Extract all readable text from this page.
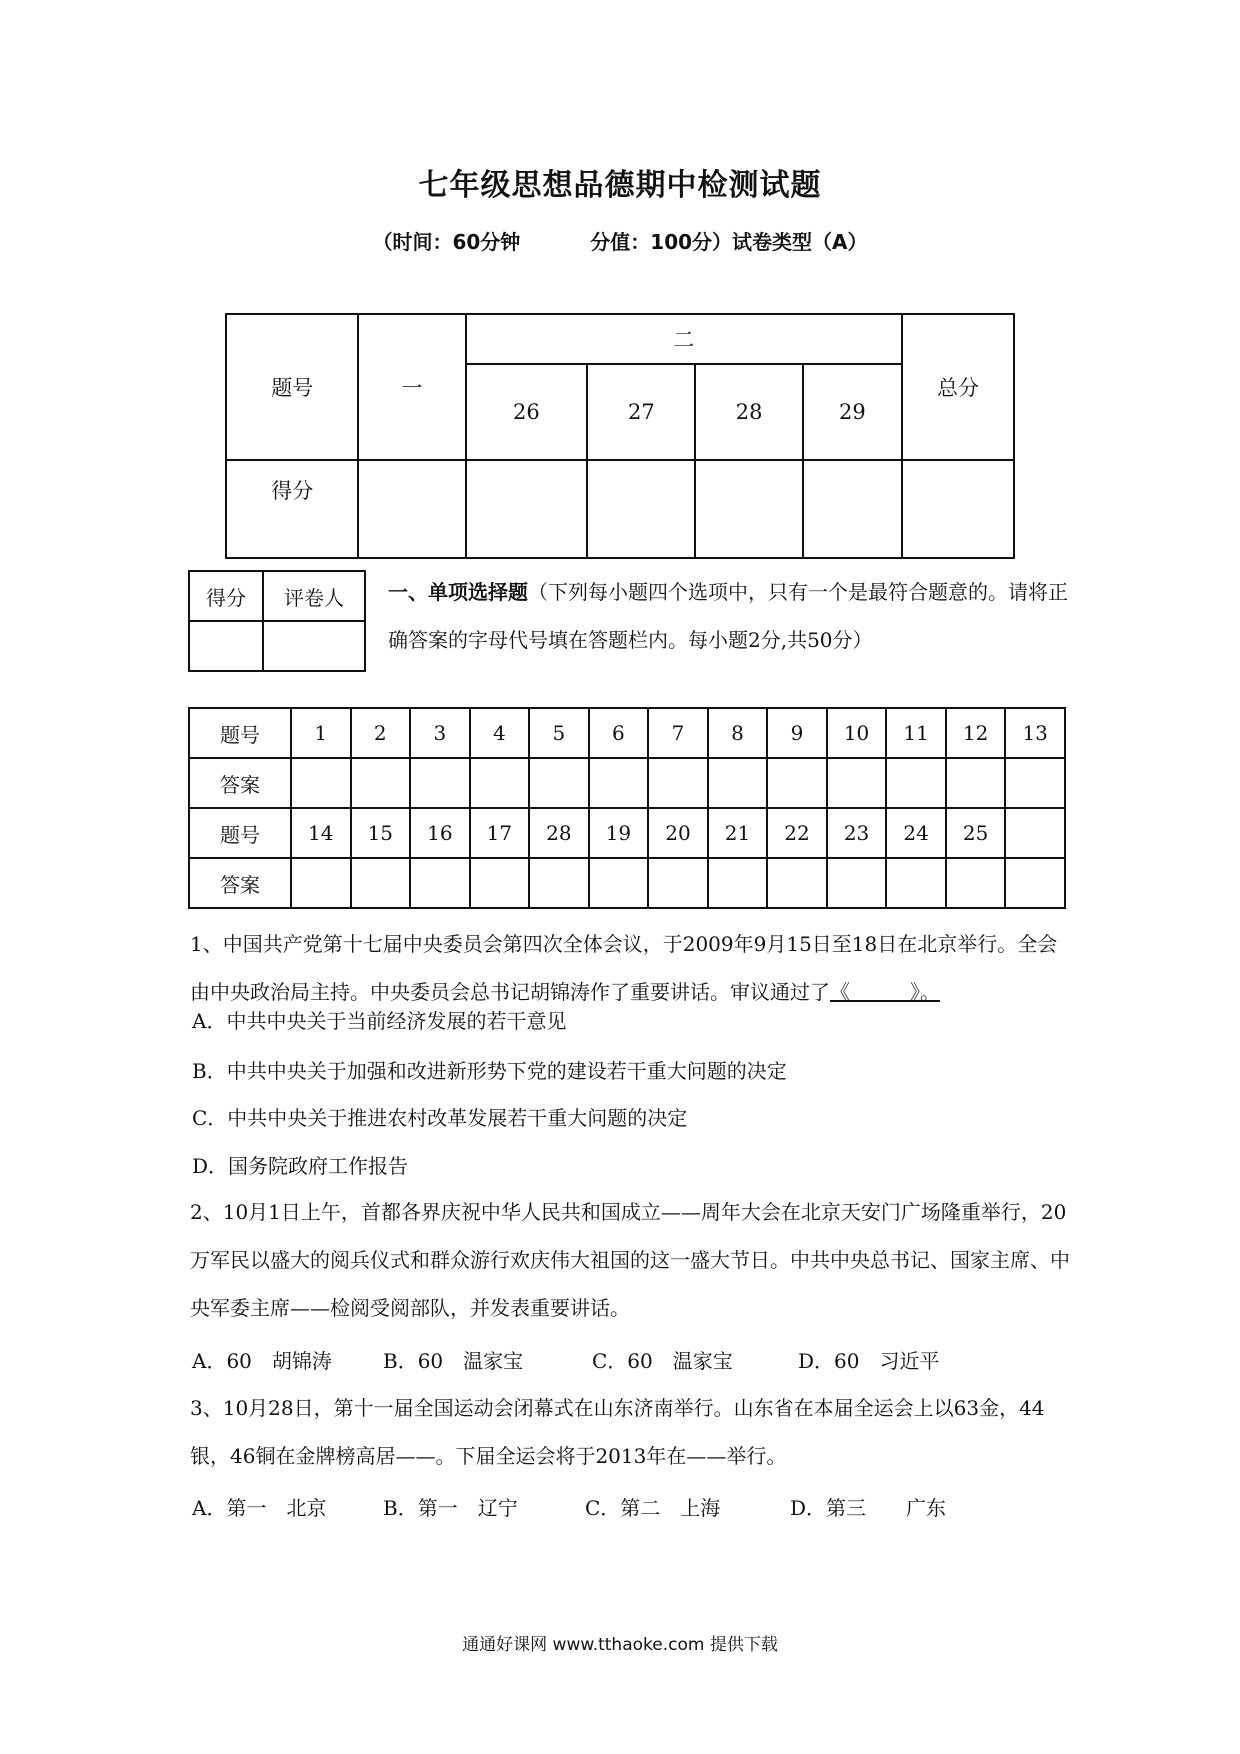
七年级思想品德期中检测试题
（时间：60分钟	分值：100分）试卷类型（A）
题号	一	二				总分
		26	27	28	29	
得分						
得分	评卷人
	一、单项选择题（下列每小题四个选项中，只有一个是最符合题意的。请将正确答案的字母代号填在答题栏内。每小题2分,共50分）
题号	1	2	3	4	5	6	7	8	9	10	11	12	13
答案													
题号	14	15	16	17	28	19	20	21	22	23	24	25	
答案													
1、中国共产党第十七届中央委员会第四次全体会议，于2009年9月15日至18日在北京举行。全会由中央政治局主持。中央委员会总书记胡锦涛作了重要讲话。审议通过了《　　　》。
A．中共中央关于当前经济发展的若干意见
B．中共中央关于加强和改进新形势下党的建设若干重大问题的决定
C．中共中央关于推进农村改革发展若干重大问题的决定
D．国务院政府工作报告
2、10月1日上午，首都各界庆祝中华人民共和国成立——周年大会在北京天安门广场隆重举行，20万军民以盛大的阅兵仪式和群众游行欢庆伟大祖国的这一盛大节日。中共中央总书记、国家主席、中央军委主席——检阅受阅部队，并发表重要讲话。
A．60　胡锦涛	B．60　温家宝	C．60　温家宝	D．60　习近平
3、10月28日，第十一届全国运动会闭幕式在山东济南举行。山东省在本届全运会上以63金，44银，46铜在金牌榜高居——。下届全运会将于2013年在——举行。
A．第一　北京	B．第一　辽宁	C．第二　上海	D．第三　　广东
通通好课网 www.tthaoke.com 提供下载
